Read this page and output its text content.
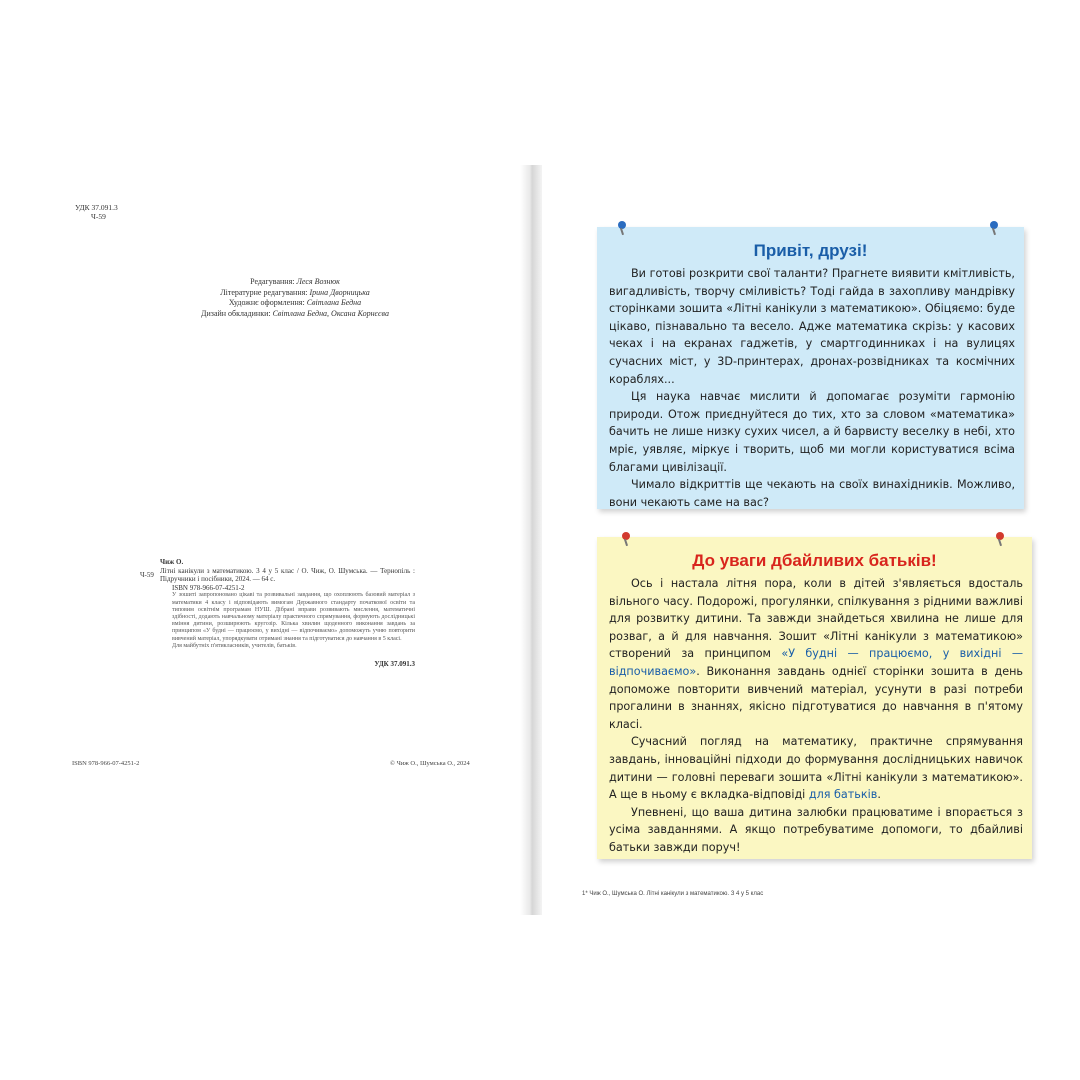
УДК 37.091.3
Ч-59
Редагування: Леся Вознюк
Літературне редагування: Ірина Дворницька
Художнє оформлення: Світлана Бедна
Дизайн обкладинки: Світлана Бедна, Оксана Корнєєва
Чиж О.
Ч-59
Літні канікули з математикою. 3 4 у 5 клас / О. Чиж, О. Шумська. — Тернопіль : Підручники і посібники, 2024. — 64 с.
ISBN 978-966-07-4251-2
У зошиті запропоновано цікаві та розвивальні завдання, що охоплюють базовий матеріал з математики 4 класу і відповідають вимогам Державного стандарту початкової освіти та типовим освітнім програмам НУШ. Дібрані вправи розвивають мислення, математичні здібності, додають навчальному матеріалу практичного спрямування, формують дослідницькі вміння дитини, розширюють кругозір. Кілька хвилин щоденного виконання завдань за принципом «У будні — працюємо, у вихідні — відпочиваємо» допоможуть учню повторити вивчений матеріал, упорядкувати отримані знання та підготуватися до навчання в 5 класі.
Для майбутніх п'ятикласників, учителів, батьків.
УДК 37.091.3
ISBN 978-966-07-4251-2	© Чиж О., Шумська О., 2024
Привіт, друзі!

Ви готові розкрити свої таланти? Прагнете виявити кмітливість, вигадливість, творчу сміливість? Тоді гайда в захопливу мандрівку сторінками зошита «Літні канікули з математикою». Обіцяємо: буде цікаво, пізнавально та весело. Адже математика скрізь: у касових чеках і на екранах гаджетів, у смартгодинниках і на вулицях сучасних міст, у 3D-принтерах, дронах-розвідниках та космічних кораблях...

Ця наука навчає мислити й допомагає розуміти гармонію природи. Отож приєднуйтеся до тих, хто за словом «математика» бачить не лише низку сухих чисел, а й барвисту веселку в небі, хто мріє, уявляє, міркує і творить, щоб ми могли користуватися всіма благами цивілізації.

Чимало відкриттів ще чекають на своїх винахідників. Можливо, вони чекають саме на вас?

До уваги дбайливих батьків!

Ось і настала літня пора, коли в дітей з'являється вдосталь вільного часу. Подорожі, прогулянки, спілкування з рідними важливі для розвитку дитини. Та завжди знайдеться хвилина не лише для розваг, а й для навчання. Зошит «Літні канікули з математикою» створений за принципом «У будні — працюємо, у вихідні — відпочиваємо». Виконання завдань однієї сторінки зошита в день допоможе повторити вивчений матеріал, усунути в разі потреби прогалини в знаннях, якісно підготуватися до навчання в п'ятому класі.

Сучасний погляд на математику, практичне спрямування завдань, інноваційні підходи до формування дослідницьких навичок дитини — головні переваги зошита «Літні канікули з математикою». А ще в ньому є вкладка-відповіді для батьків.

Упевнені, що ваша дитина залюбки працюватиме і впорається з усіма завданнями. А якщо потребуватиме допомоги, то дбайливі батьки завжди поруч!

1* Чиж О., Шумська О. Літні канікули з математикою. З 4 у 5 клас
